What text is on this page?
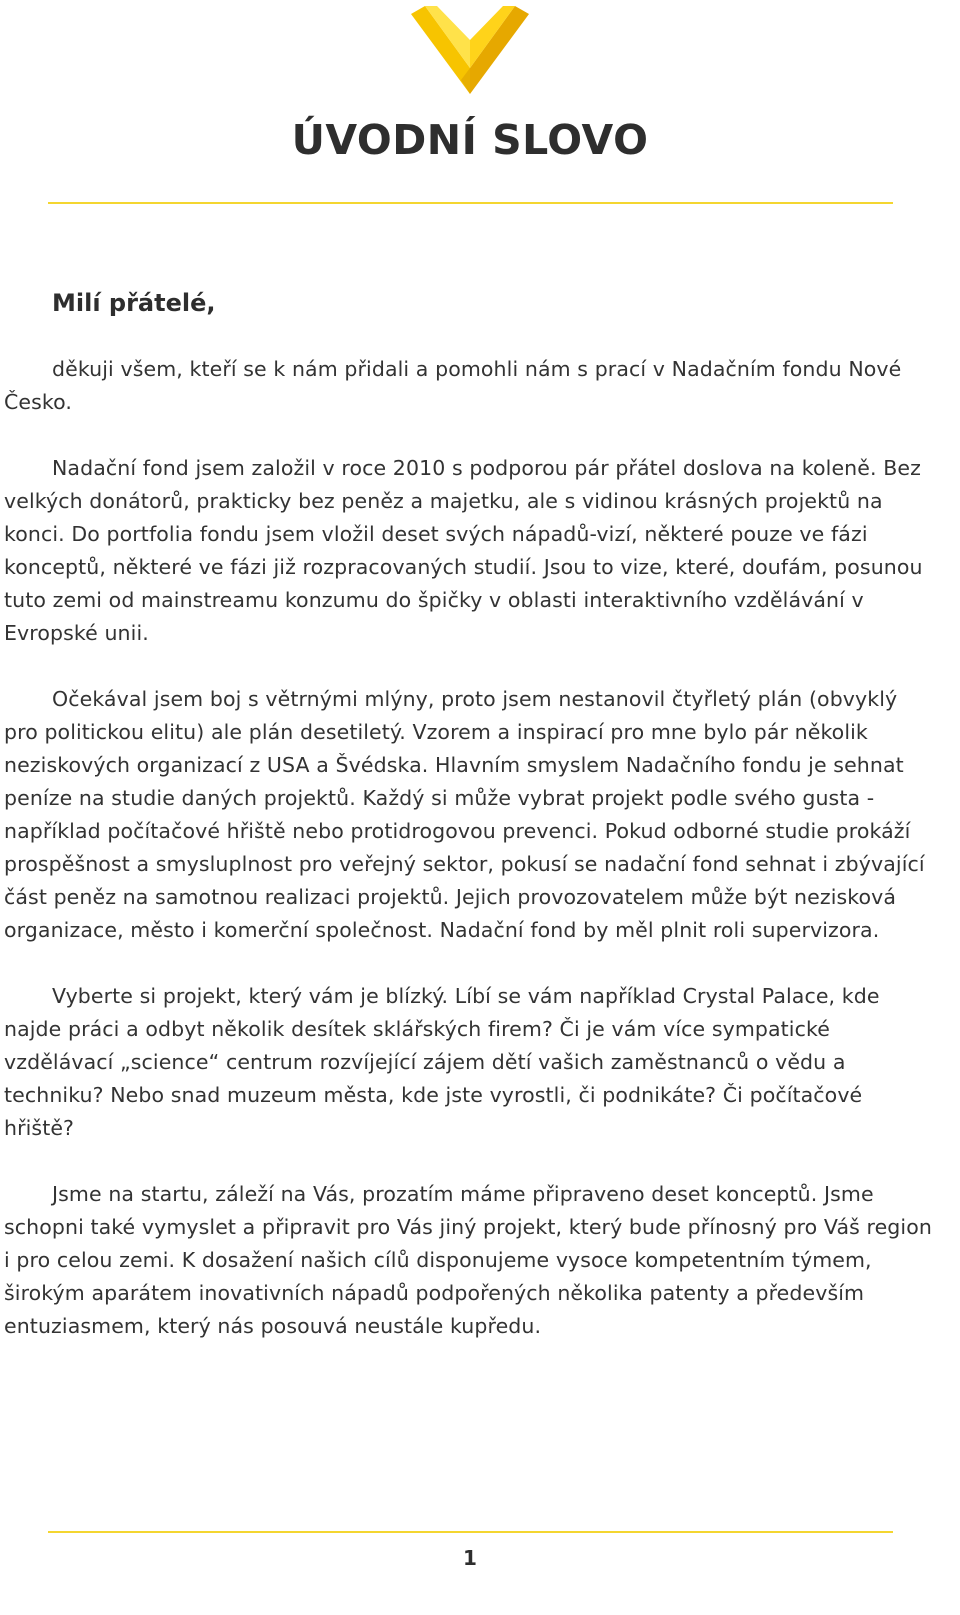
ÚVODNÍ SLOVO

Milí přátelé,

děkuji všem, kteří se k nám přidali a pomohli nám s prací v Nadačním fondu Nové Česko.

Nadační fond jsem založil v roce 2010 s podporou pár přátel doslova na koleně. Bez velkých donátorů, prakticky bez peněz a majetku, ale s vidinou krásných projektů na konci. Do portfolia fondu jsem vložil deset svých nápadů-vizí, některé pouze ve fázi konceptů, některé ve fázi již rozpracovaných studií. Jsou to vize, které, doufám, posunou tuto zemi od mainstreamu konzumu do špičky v oblasti interaktivního vzdělávání v Evropské unii.

Očekával jsem boj s větrnými mlýny, proto jsem nestanovil čtyřletý plán (obvyklý pro politickou elitu) ale plán desetiletý. Vzorem a inspirací pro mne bylo pár několik neziskových organizací z USA a Švédska. Hlavním smyslem Nadačního fondu je sehnat peníze na studie daných projektů. Každý si může vybrat projekt podle svého gusta - například počítačové hřiště nebo protidrogovou prevenci. Pokud odborné studie prokáží prospěšnost a smysluplnost pro veřejný sektor, pokusí se nadační fond sehnat i zbývající část peněz na samotnou realizaci projektů. Jejich provozovatelem může být nezisková organizace, město i komerční společnost. Nadační fond by měl plnit roli supervizora.

Vyberte si projekt, který vám je blízký. Líbí se vám například Crystal Palace, kde najde práci a odbyt několik desítek sklářských firem? Či je vám více sympatické vzdělávací „science“ centrum rozvíjející zájem dětí vašich zaměstnanců o vědu a techniku? Nebo snad muzeum města, kde jste vyrostli, či podnikáte? Či počítačové hřiště?

Jsme na startu, záleží na Vás, prozatím máme připraveno deset konceptů. Jsme schopni také vymyslet a připravit pro Vás jiný projekt, který bude přínosný pro Váš region i pro celou zemi. K dosažení našich cílů disponujeme vysoce kompetentním týmem, širokým aparátem inovativních nápadů podpořených několika patenty a především entuziasmem, který nás posouvá neustále kupředu.

1
